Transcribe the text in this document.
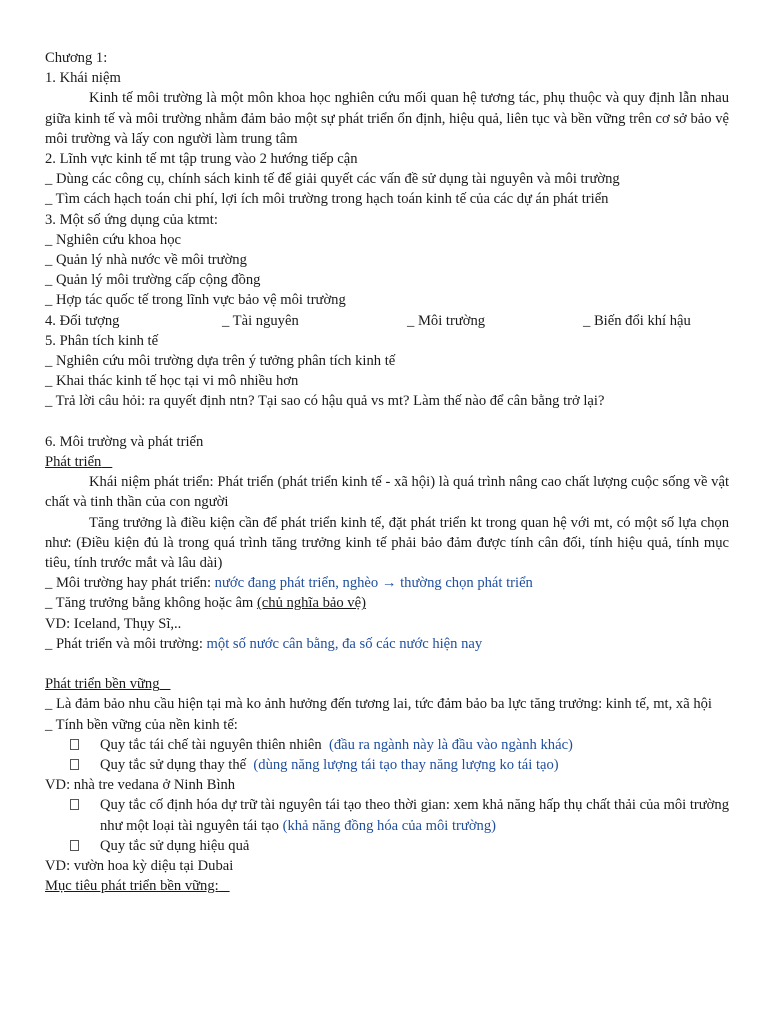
Chương 1:
1. Khái niệm
Kinh tế môi trường là một môn khoa học nghiên cứu mối quan hệ tương tác, phụ thuộc và quy định lẫn nhau giữa kinh tế và môi trường nhằm đảm bảo một sự phát triển ổn định, hiệu quả, liên tục và bền vững trên cơ sở bảo vệ môi trường và lấy con người làm trung tâm
2. Lĩnh vực kinh tế mt tập trung vào 2 hướng tiếp cận
_ Dùng các công cụ, chính sách kinh tế để giải quyết các vấn đề sử dụng tài nguyên và môi trường
_ Tìm cách hạch toán chi phí, lợi ích môi trường trong hạch toán kinh tế của các dự án phát triển
3. Một số ứng dụng của ktmt:
_ Nghiên cứu khoa học
_ Quản lý nhà nước về môi trường
_ Quản lý môi trường cấp cộng đồng
_ Hợp tác quốc tế trong lĩnh vực bảo vệ môi trường
4. Đối tượng	_ Tài nguyên	_ Môi trường	_ Biến đổi khí hậu
5. Phân tích kinh tế
_ Nghiên cứu môi trường dựa trên ý tưởng phân tích kinh tế
_ Khai thác kinh tế học tại vi mô nhiều hơn
_ Trả lời câu hỏi: ra quyết định ntn? Tại sao có hậu quả vs mt? Làm thế nào để cân bằng trở lại?
6. Môi trường và phát triển
Phát triển
Khái niệm phát triển: Phát triển (phát triển kinh tế - xã hội) là quá trình nâng cao chất lượng cuộc sống về vật chất và tinh thần của con người
Tăng trưởng là điều kiện cần để phát triển kinh tế, đặt phát triển kt trong quan hệ với mt, có một số lựa chọn như: (Điều kiện đủ là trong quá trình tăng trưởng kinh tế phải bảo đảm được tính cân đối, tính hiệu quả, tính mục tiêu, tính trước mắt và lâu dài)
_ Môi trường hay phát triển: nước đang phát triển, nghèo → thường chọn phát triển
_ Tăng trưởng bằng không hoặc âm (chủ nghĩa bảo vệ)
VD: Iceland, Thụy Sĩ,..
_ Phát triển và môi trường: một số nước cân bằng, đa số các nước hiện nay
Phát triển bền vững
_ Là đảm bảo nhu cầu hiện tại mà ko ảnh hưởng đến tương lai, tức đảm bảo ba lực tăng trưởng: kinh tế, mt, xã hội
_ Tính bền vững của nền kinh tế:
Quy tắc tái chế tài nguyên thiên nhiên (đầu ra ngành này là đầu vào ngành khác)
Quy tắc sử dụng thay thế (dùng năng lượng tái tạo thay năng lượng ko tái tạo)
VD: nhà tre vedana ở Ninh Bình
Quy tắc cố định hóa dự trữ tài nguyên tái tạo theo thời gian: xem khả năng hấp thụ chất thải của môi trường như một loại tài nguyên tái tạo (khả năng đồng hóa của môi trường)
Quy tắc sử dụng hiệu quả
VD: vườn hoa kỳ diệu tại Dubai
Mục tiêu phát triển bền vững:
